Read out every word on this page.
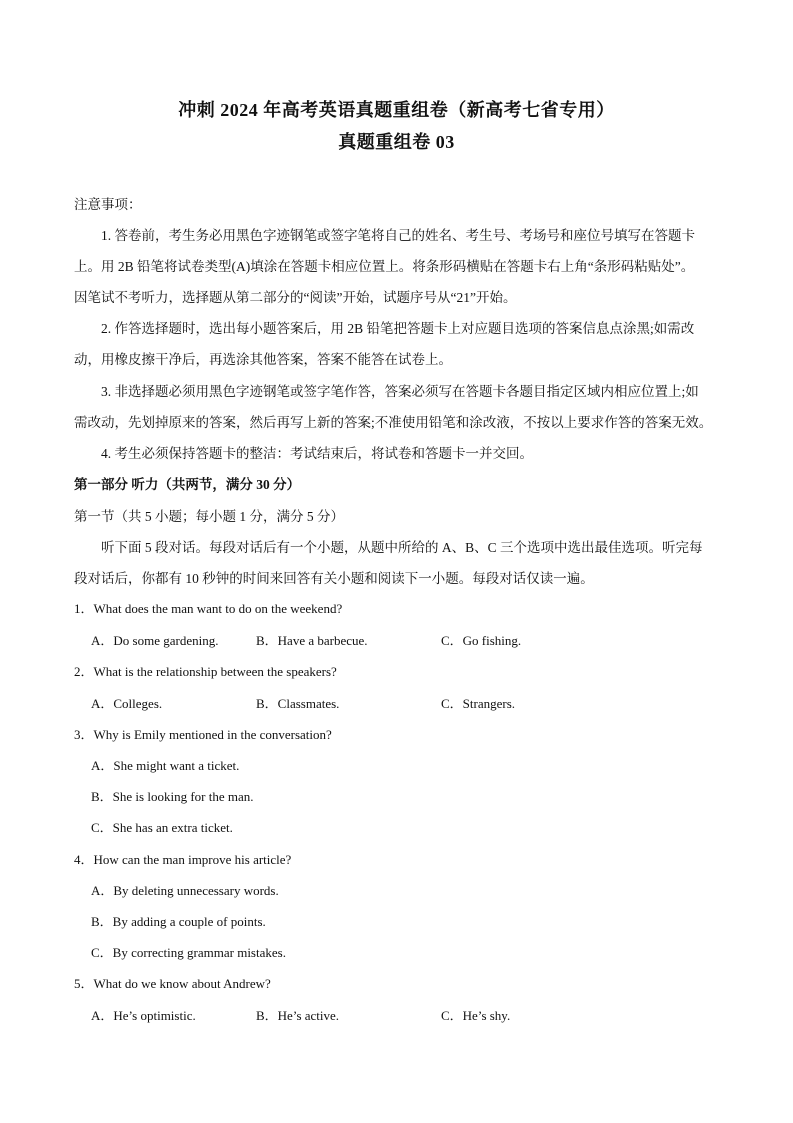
冲刺 2024 年高考英语真题重组卷（新高考七省专用）
真题重组卷 03
注意事项：
1. 答卷前，考生务必用黑色字迹钢笔或签字笔将自己的姓名、考生号、考场号和座位号填写在答题卡
上。用 2B 铅笔将试卷类型(A)填涂在答题卡相应位置上。将条形码横贴在答题卡右上角“条形码粘贴处”。
因笔试不考听力，选择题从第二部分的“阅读”开始，试题序号从“21”开始。
2. 作答选择题时，选出每小题答案后，用 2B 铅笔把答题卡上对应题目选项的答案信息点涂黑;如需改
动，用橡皮擦干净后，再选涂其他答案，答案不能答在试卷上。
3. 非选择题必须用黑色字迹钢笔或签字笔作答，答案必须写在答题卡各题目指定区域内相应位置上;如
需改动，先划掉原来的答案，然后再写上新的答案;不准使用铅笔和涂改液，不按以上要求作答的答案无效。
4. 考生必须保持答题卡的整洁：考试结束后，将试卷和答题卡一并交回。
第一部分 听力（共两节，满分 30 分）
第一节（共 5 小题；每小题 1 分，满分 5 分）
听下面 5 段对话。每段对话后有一个小题，从题中所给的 A、B、C 三个选项中选出最佳选项。听完每
段对话后，你都有 10 秒钟的时间来回答有关小题和阅读下一小题。每段对话仅读一遍。
1．What does the man want to do on the weekend?
A．Do some gardening.	B．Have a barbecue.	C．Go fishing.
2．What is the relationship between the speakers?
A．Colleges.	B．Classmates.	C．Strangers.
3．Why is Emily mentioned in the conversation?
A．She might want a ticket.
B．She is looking for the man.
C．She has an extra ticket.
4．How can the man improve his article?
A．By deleting unnecessary words.
B．By adding a couple of points.
C．By correcting grammar mistakes.
5．What do we know about Andrew?
A．He’s optimistic.	B．He’s active.	C．He’s shy.
